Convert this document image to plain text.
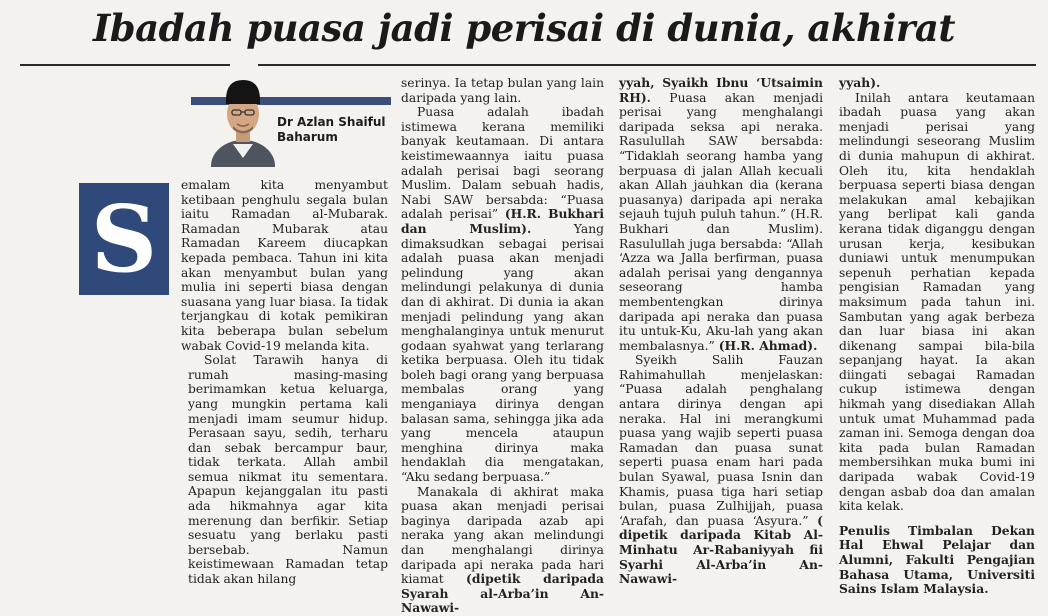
Ibadah puasa jadi perisai di dunia, akhirat
Dr Azlan Shaiful
Baharum
S	emalam kita menyambut ketibaan penghulu segala bulan iaitu Ramadan al-Mubarak. Ramadan Mubarak atau Ramadan Kareem diucapkan kepada pembaca. Tahun ini kita akan menyambut bulan yang mulia ini seperti biasa dengan suasana yang luar biasa. Ia tidak terjangkau di kotak pemikiran kita beberapa bulan sebelum wabak Covid-19 melanda kita.

Solat Tarawih hanya di rumah masing-masing berimamkan ketua keluarga, yang mungkin pertama kali menjadi imam seumur hidup. Perasaan sayu, sedih, terharu dan sebak bercampur baur, tidak terkata. Allah ambil semua nikmat itu sementara. Apapun kejanggalan itu pasti ada hikmahnya agar kita merenung dan berfikir. Setiap sesuatu yang berlaku pasti bersebab. Namun keistimewaan Ramadan tetap tidak akan hilang

serinya. Ia tetap bulan yang lain daripada yang lain.

Puasa adalah ibadah istimewa kerana memiliki banyak keutamaan. Di antara keistimewaannya iaitu puasa adalah perisai bagi seorang Muslim. Dalam sebuah hadis, Nabi SAW bersabda: “Puasa adalah perisai” (H.R. Bukhari dan Muslim).	Yang dimaksudkan sebagai perisai adalah puasa akan menjadi pelindung yang akan melindungi pelakunya di dunia dan di akhirat. Di dunia ia akan menjadi pelindung yang akan menghalanginya untuk menurut godaan syahwat yang terlarang ketika berpuasa. Oleh itu tidak boleh bagi orang yang berpuasa membalas orang yang menganiaya dirinya dengan balasan sama, sehingga jika ada yang mencela ataupun menghina dirinya maka hendaklah dia mengatakan, “Aku sedang berpuasa.”

Manakala di akhirat maka puasa akan menjadi perisai baginya daripada azab api neraka yang akan melindungi dan menghalangi dirinya daripada api neraka pada hari kiamat (dipetik daripada Syarah al-Arba’in An-Nawawi-

yyah, Syaikh Ibnu ‘Utsaimin RH). Puasa akan menjadi perisai yang menghalangi daripada seksa api neraka. Rasulullah SAW bersabda: “Tidaklah seorang hamba yang berpuasa di jalan Allah kecuali akan Allah jauhkan dia (kerana puasanya) daripada api neraka sejauh tujuh puluh tahun.” (H.R. Bukhari dan Muslim). Rasulullah juga bersabda: “Allah ‘Azza wa Jalla berfirman, puasa adalah perisai yang dengannya seseorang hamba membentengkan dirinya daripada api neraka dan puasa itu untuk-Ku, Aku-lah yang akan membalasnya.” (H.R. Ahmad).

Syeikh Salih Fauzan Rahimahullah menjelaskan: “Puasa adalah penghalang antara dirinya dengan api neraka. Hal ini merangkumi puasa yang wajib seperti puasa Ramadan dan puasa sunat seperti puasa enam hari pada bulan Syawal, puasa Isnin dan Khamis, puasa tiga hari setiap bulan, puasa Zulhijjah, puasa ‘Arafah, dan puasa ‘Asyura.” ( dipetik daripada Kitab Al-Minhatu Ar-Rabaniyyah fii Syarhi Al-Arba’in An-Nawawi-

yyah).

Inilah antara keutamaan ibadah puasa yang akan menjadi perisai yang melindungi seseorang Muslim di dunia mahupun di akhirat. Oleh itu, kita hendaklah berpuasa seperti biasa dengan melakukan amal kebajikan yang berlipat kali ganda kerana tidak diganggu dengan urusan kerja, kesibukan duniawi untuk menumpukan sepenuh perhatian kepada pengisian Ramadan yang maksimum pada tahun ini. Sambutan yang agak berbeza dan luar biasa ini akan dikenang sampai bila-bila sepanjang hayat. Ia akan diingati sebagai Ramadan cukup istimewa dengan hikmah yang disediakan Allah untuk umat Muhammad pada zaman ini. Semoga dengan doa kita pada bulan Ramadan membersihkan muka bumi ini daripada wabak Covid-19 dengan asbab doa dan amalan kita kelak.

Penulis Timbalan Dekan Hal Ehwal Pelajar dan Alumni, Fakulti Pengajian Bahasa Utama, Universiti Sains Islam Malaysia.
